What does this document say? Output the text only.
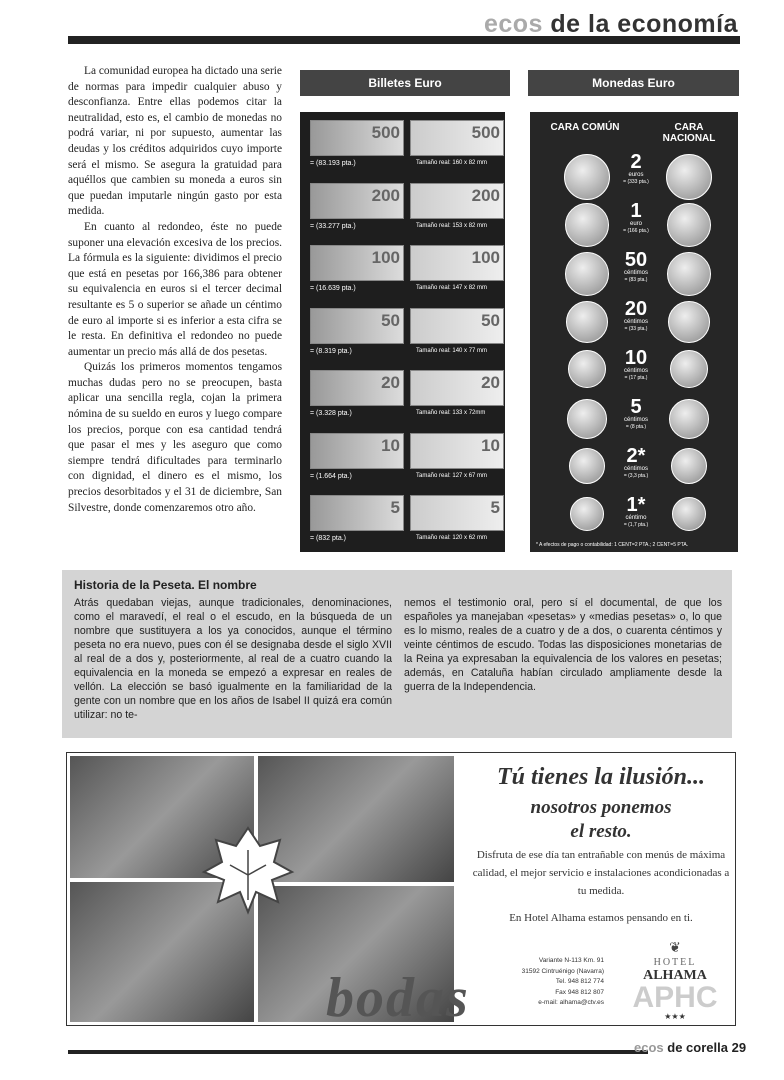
ecos de la economía

La comunidad europea ha dictado una serie de normas para impedir cualquier abuso y desconfianza. Entre ellas podemos citar la neutralidad, esto es, el cambio de monedas no podrá variar, ni por supuesto, aumentar las deudas y los créditos adquiridos cuyo importe será el mismo. Se asegura la gratuidad para aquéllos que cambien su moneda a euros sin que puedan imputarle ningún gasto por esta medida.

En cuanto al redondeo, éste no puede suponer una elevación excesiva de los precios. La fórmula es la siguiente: dividimos el precio que está en pesetas por 166,386 para obtener su equivalencia en euros si el tercer decimal resultante es 5 o superior se añade un céntimo de euro al importe si es inferior a esta cifra se le resta. En definitiva el redondeo no puede aumentar un precio más allá de dos pesetas.

Quizás los primeros momentos tengamos muchas dudas pero no se preocupen, basta aplicar una sencilla regla, cojan la primera nómina de su sueldo en euros y luego compare los precios, porque con esa cantidad tendrá que pasar el mes y les aseguro que como siempre tendrá dificultades para terminarlo con dignidad, el dinero es el mismo, los precios desorbitados y el 31 de diciembre, San Silvestre, donde comenzaremos otro año.

Billetes Euro
500	500
= (83.193 pta.)	Tamaño real: 160 x 82 mm
200	200
= (33.277 pta.)	Tamaño real: 153 x 82 mm
100	100
= (16.639 pta.)	Tamaño real: 147 x 82 mm
50	50
= (8.319 pta.)	Tamaño real: 140 x 77 mm
20	20
= (3.328 pta.)	Tamaño real: 133 x 72mm
10	10
= (1.664 pta.)	Tamaño real: 127 x 67 mm
5	5
= (832 pta.)	Tamaño real: 120 x 62 mm
Monedas Euro
CARA COMÚN	CARA NACIONAL
* A efectos de pago o contabilidad: 1 CENT=2 PTA.; 2 CENT=5 PTA.
2
euros
= (333 pta.)
1
euro
= (166 pta.)
50
céntimos
= (83 pta.)
20
céntimos
= (33 pta.)
10
céntimos
= (17 pta.)
5
céntimos
= (8 pta.)
2*
céntimos
= (3,3 pta.)
1*
céntimo
= (1,7 pta.)
Historia de la Peseta. El nombre
Atrás quedaban viejas, aunque tradicionales, denominaciones, como el maravedí, el real o el escudo, en la búsqueda de un nombre que sustituyera a los ya conocidos, aunque el término peseta no era nuevo, pues con él se designaba desde el siglo XVII al real de a dos y, posteriormente, al real de a cuatro cuando la equivalencia en la moneda se empezó a expresar en reales de vellón. La elección se basó igualmente en la familiaridad de la gente con un nombre que en los años de Isabel II quizá era común utilizar: no te-
nemos el testimonio oral, pero sí el documental, de que los españoles ya manejaban «pesetas» y «medias pesetas» o, lo que es lo mismo, reales de a cuatro y de a dos, o cuarenta céntimos y veinte céntimos de escudo. Todas las disposiciones monetarias de la Reina ya expresaban la equivalencia de los valores en pesetas; además, en Cataluña habían circulado ampliamente desde la guerra de la Independencia.
bodas
Tú tienes la ilusión...
nosotros ponemos
el resto.
Disfruta de ese día tan entrañable con menús de máxima calidad, el mejor servicio e instalaciones acondicionadas a tu medida.
En Hotel Alhama estamos pensando en ti.
Variante N-113 Km. 91
31592 Cintruénigo (Navarra)
Tel. 948 812 774
Fax 948 812 807
e-mail: alhama@ctv.es
❦
HOTEL
ALHAMA
APHC
★★★
ecos de corella 29
